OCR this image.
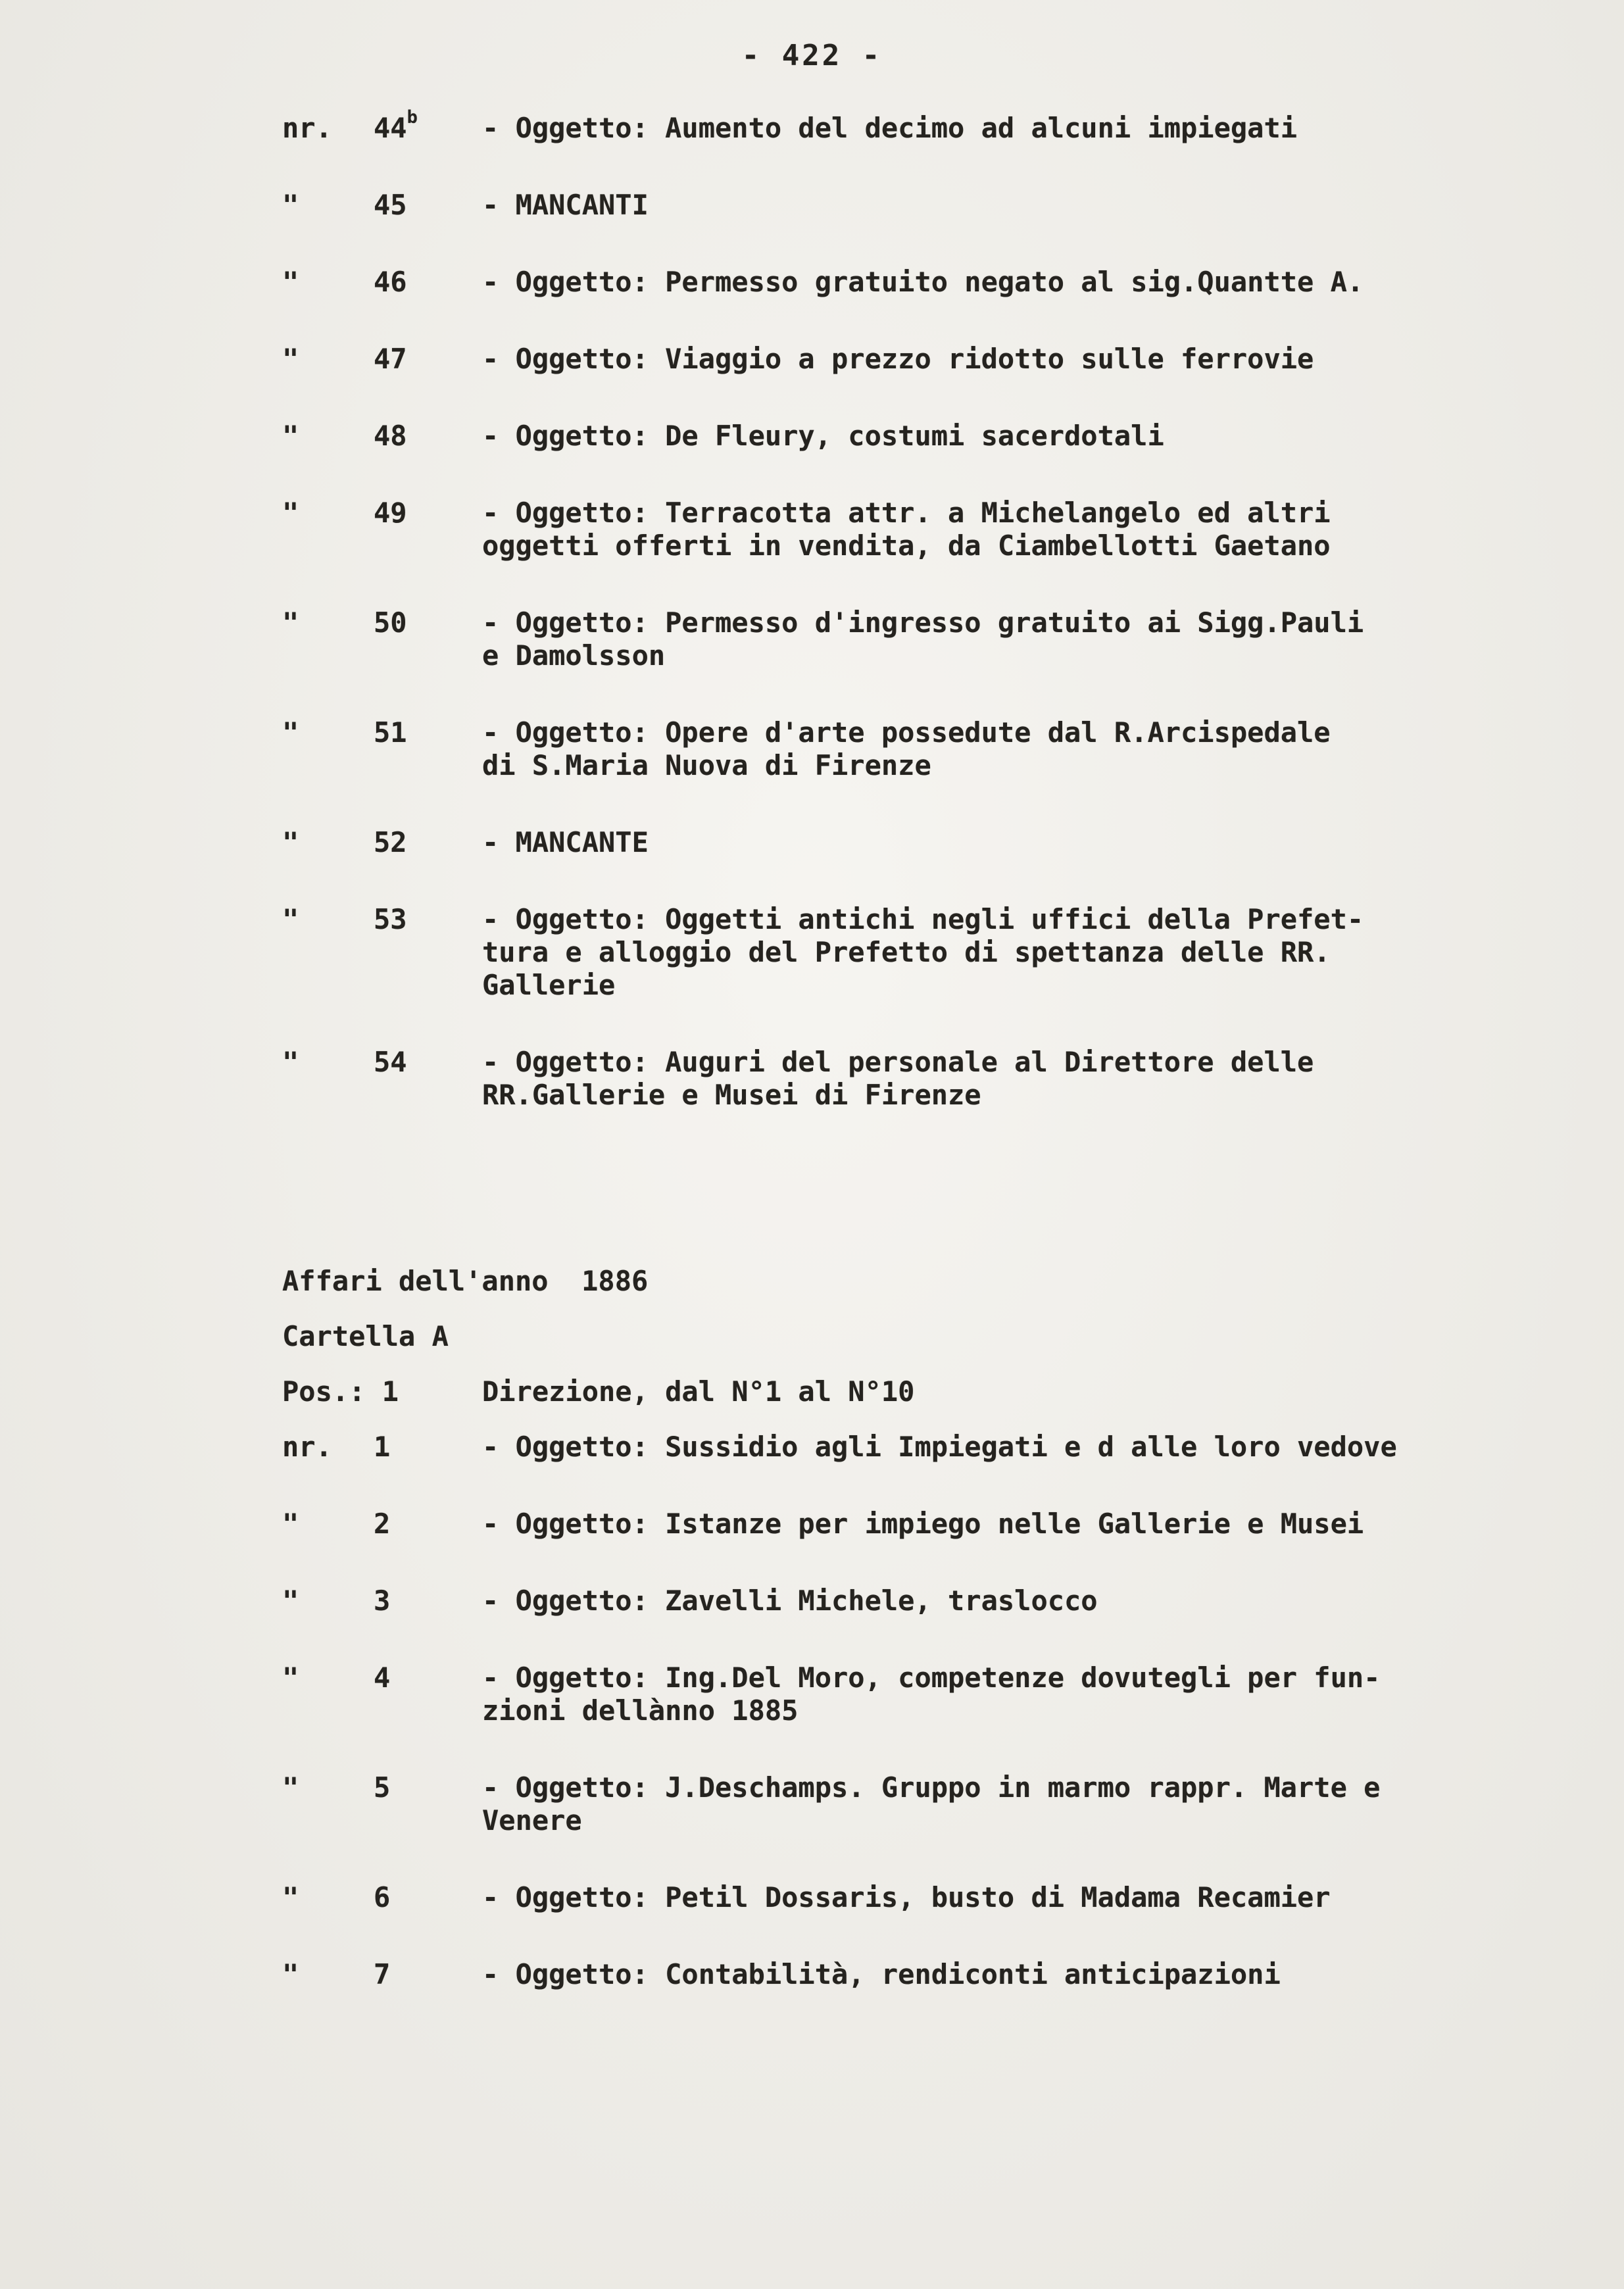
- 422 -
nr.	44$^b$	- Oggetto: Aumento del decimo ad alcuni impiegati
"	45	- MANCANTI
"	46	- Oggetto: Permesso gratuito negato al sig.Quantte A.
"	47	- Oggetto: Viaggio a prezzo ridotto sulle ferrovie
"	48	- Oggetto: De Fleury, costumi sacerdotali
"	49	- Oggetto: Terracotta attr. a Michelangelo ed altri
oggetti offerti in vendita, da Ciambellotti Gaetano
"	50	- Oggetto: Permesso d'ingresso gratuito ai Sigg.Pauli
e Damolsson
"	51	- Oggetto: Opere d'arte possedute dal R.Arcispedale
di S.Maria Nuova di Firenze
"	52	- MANCANTE
"	53	- Oggetto: Oggetti antichi negli uffici della Prefet-
tura e alloggio del Prefetto di spettanza delle RR.
Gallerie
"	54	- Oggetto: Auguri del personale al Direttore delle
RR.Gallerie e Musei di Firenze
Affari dell'anno  1886
Cartella A
Pos.: 1	Direzione, dal N°1 al N°10
nr.	1	- Oggetto: Sussidio agli Impiegati e d alle loro vedove
"	2	- Oggetto: Istanze per impiego nelle Gallerie e Musei
"	3	- Oggetto: Zavelli Michele, traslocco
"	4	- Oggetto: Ing.Del Moro, competenze dovutegli per fun-
zioni dellànno 1885
"	5	- Oggetto: J.Deschamps. Gruppo in marmo rappr. Marte e
Venere
"	6	- Oggetto: Petil Dossaris, busto di Madama Recamier
"	7	- Oggetto: Contabilità, rendiconti anticipazioni
